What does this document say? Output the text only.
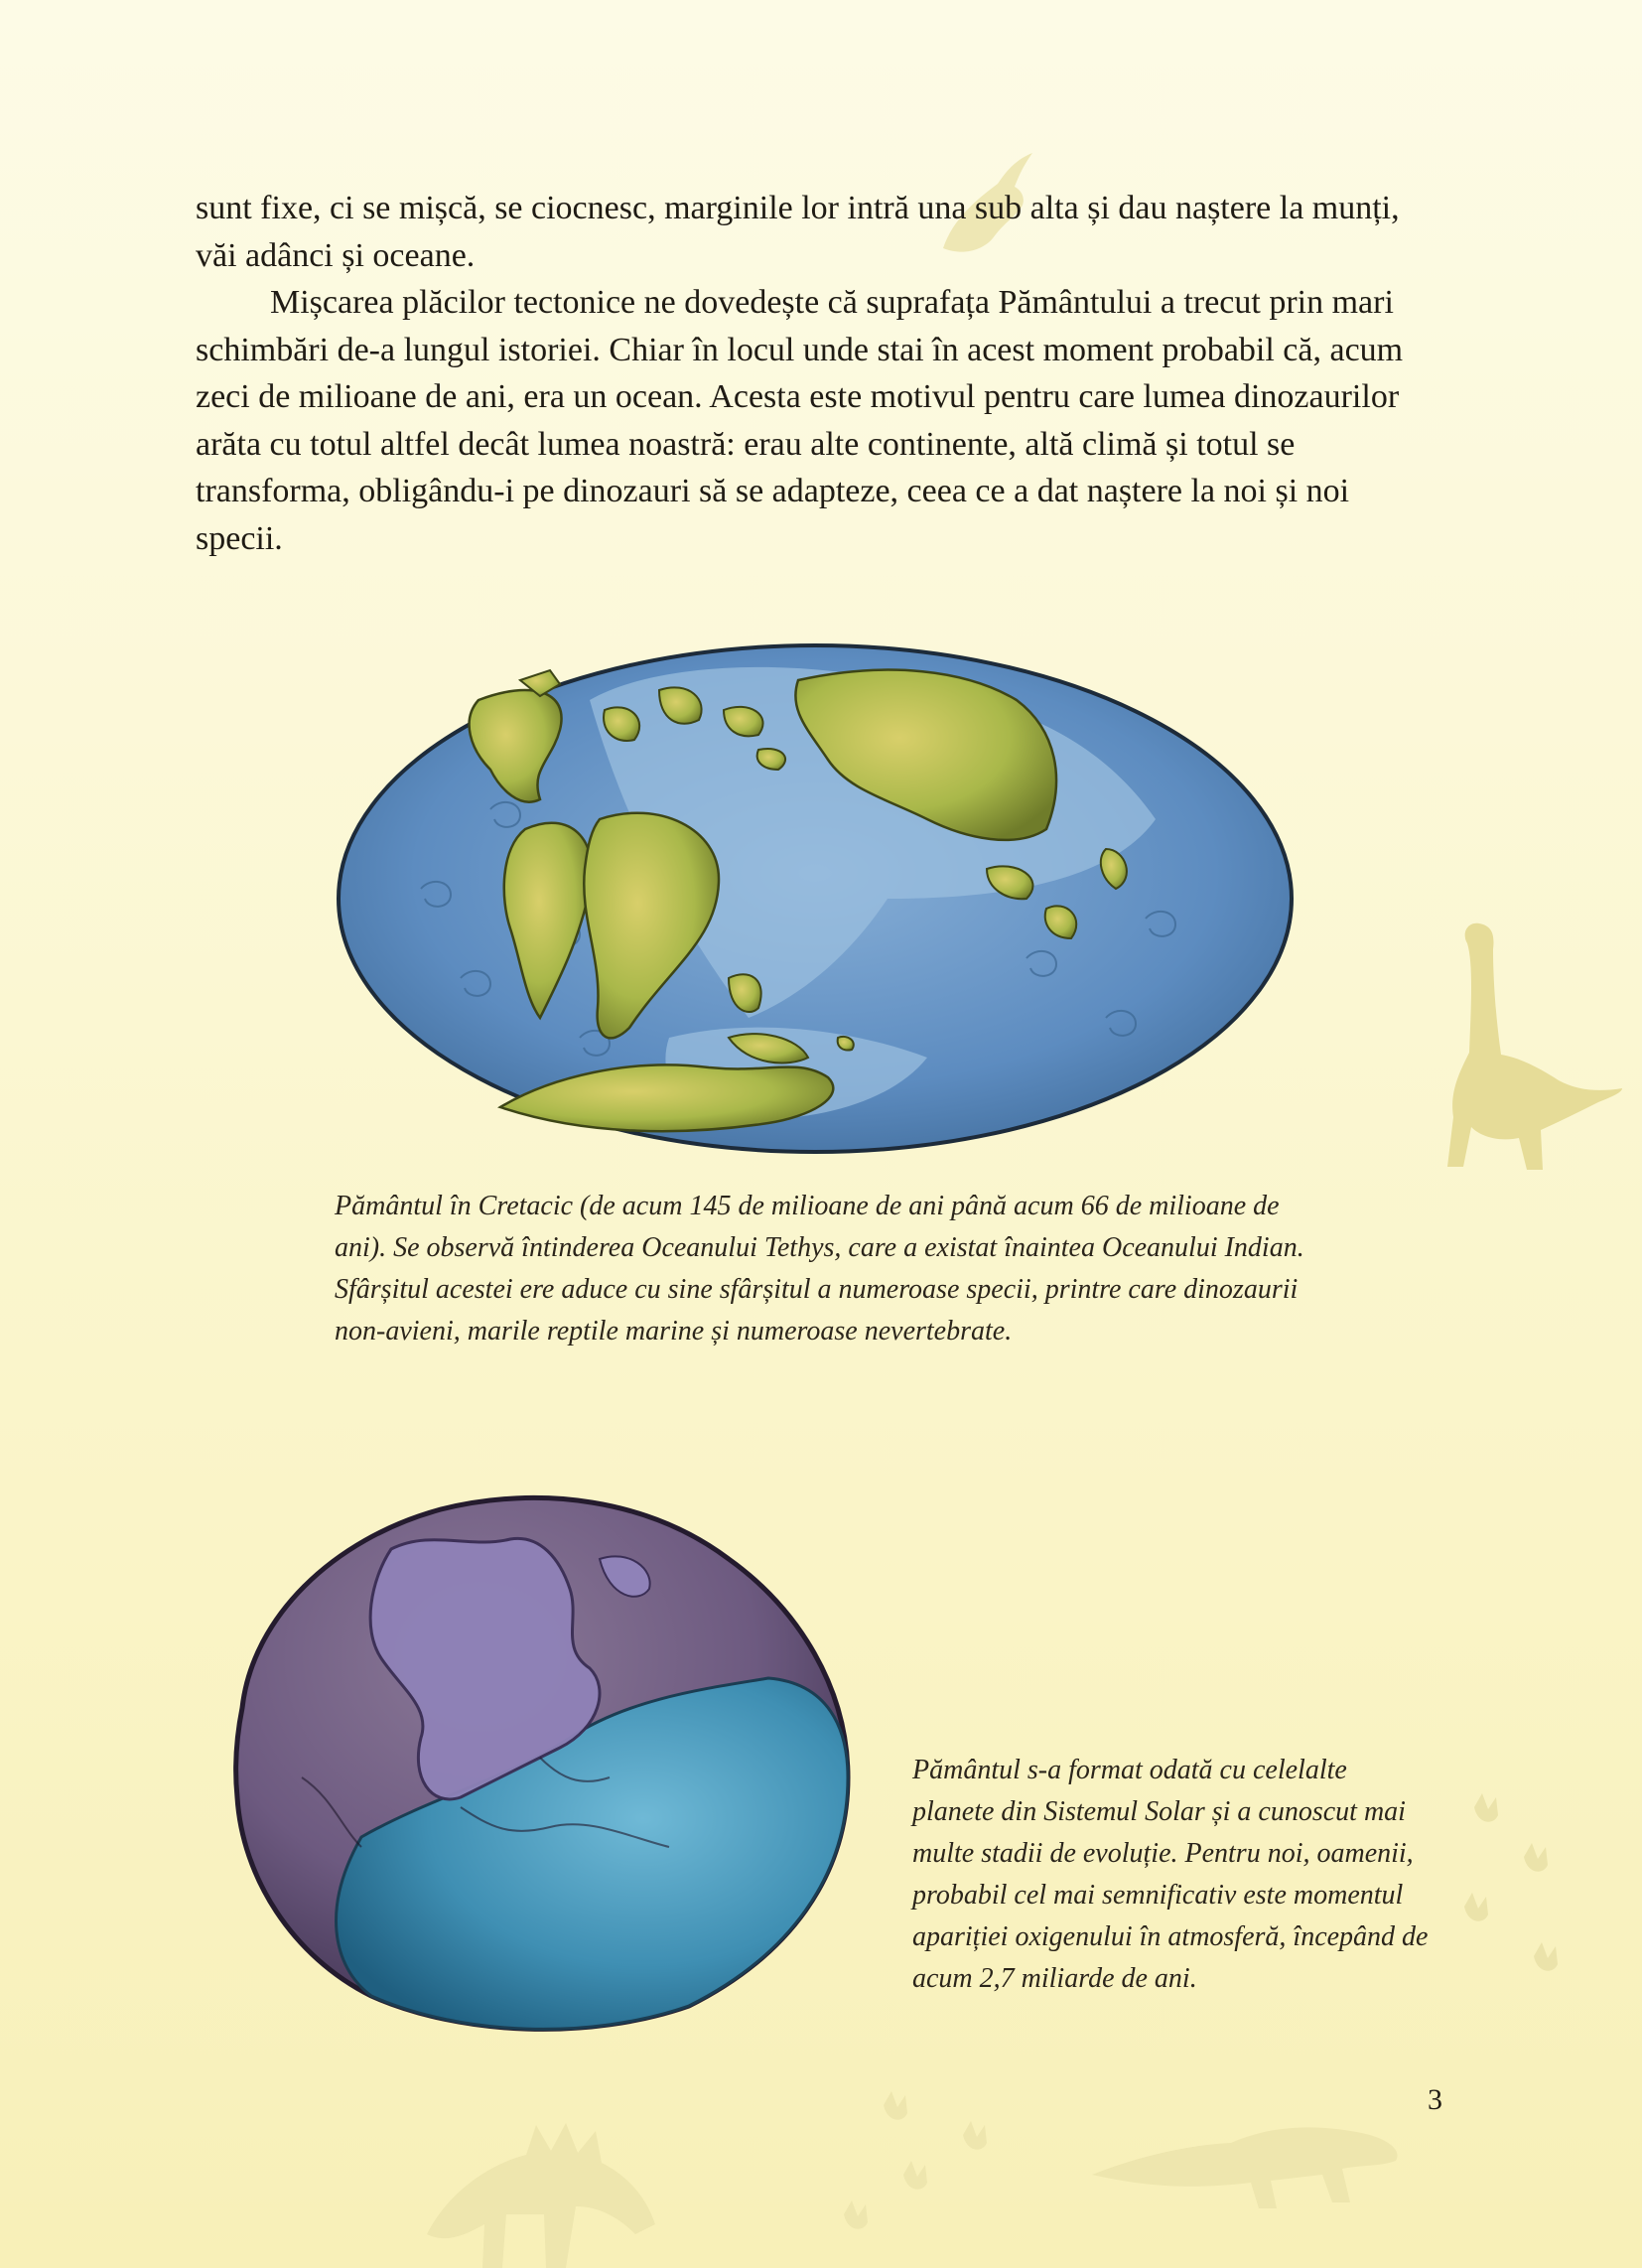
sunt fixe, ci se mișcă, se ciocnesc, marginile lor intră una sub alta și dau naștere la munți, văi adânci și oceane.

Mișcarea plăcilor tectonice ne dovedește că suprafața Pământului a trecut prin mari schimbări de-a lungul istoriei. Chiar în locul unde stai în acest moment probabil că, acum zeci de milioane de ani, era un ocean. Acesta este motivul pentru care lumea dinozaurilor arăta cu totul altfel decât lumea noastră: erau alte continente, altă climă și totul se transforma, obligându-i pe dinozauri să se adapteze, ceea ce a dat naștere la noi și noi specii.

Pământul în Cretacic (de acum 145 de milioane de ani până acum 66 de milioane de ani). Se observă întinderea Oceanului Tethys, care a existat înaintea Oceanului Indian. Sfârșitul acestei ere aduce cu sine sfârșitul a numeroase specii, printre care dinozaurii non-avieni, marile reptile marine și numeroase nevertebrate.
Pământul s-a format odată cu celelalte planete din Sistemul Solar și a cunoscut mai multe stadii de evoluție. Pentru noi, oamenii, probabil cel mai semnificativ este momentul apariției oxigenului în atmosferă, începând de acum 2,7 miliarde de ani.
3
